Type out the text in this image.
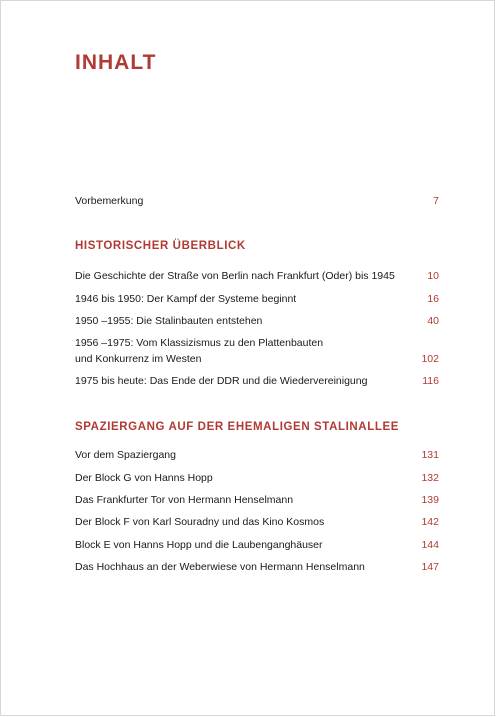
INHALT
Vorbemerkung	7
HISTORISCHER ÜBERBLICK
Die Geschichte der Straße von Berlin nach Frankfurt (Oder) bis 1945	10
1946 bis 1950: Der Kampf der Systeme beginnt	16
1950 –1955: Die Stalinbauten entstehen	40
1956 –1975: Vom Klassizismus zu den Plattenbauten
und Konkurrenz im Westen	102
1975 bis heute: Das Ende der DDR und die Wiedervereinigung	116
SPAZIERGANG AUF DER EHEMALIGEN STALINALLEE
Vor dem Spaziergang	131
Der Block G von Hanns Hopp	132
Das Frankfurter Tor von Hermann Henselmann	139
Der Block F von Karl Souradny und das Kino Kosmos	142
Block E von Hanns Hopp und die Laubenganghäuser	144
Das Hochhaus an der Weberwiese von Hermann Henselmann	147
